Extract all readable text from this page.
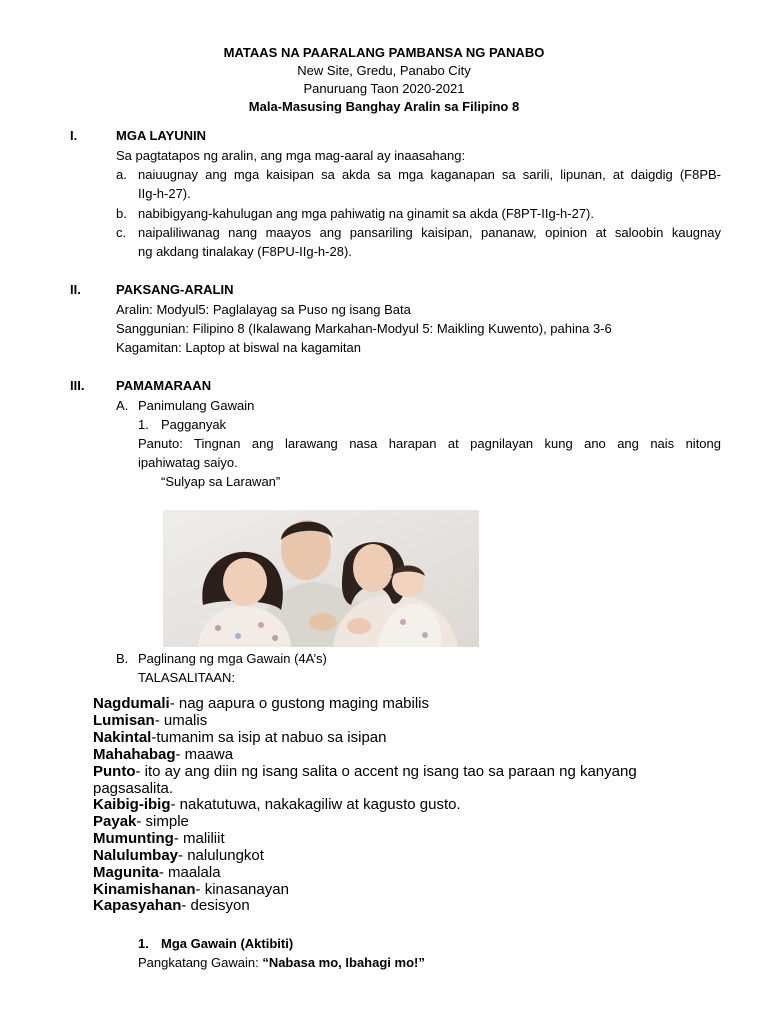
MATAAS NA PAARALANG PAMBANSA NG PANABO
New Site, Gredu, Panabo City
Panuruang Taon 2020-2021
Mala-Masusing Banghay Aralin sa Filipino 8
I.	MGA LAYUNIN
Sa pagtatapos ng aralin, ang mga mag-aaral ay inaasahang:
a. naiuugnay ang mga kaisipan sa akda sa mga kaganapan sa sarili, lipunan, at daigdig (F8PB-
IIg-h-27).
b. nabibigyang-kahulugan ang mga pahiwatig na ginamit sa akda (F8PT-IIg-h-27).
c. naipaliliwanag nang maayos ang pansariling kaisipan, pananaw, opinion at saloobin kaugnay
ng akdang tinalakay (F8PU-IIg-h-28).
II.	PAKSANG-ARALIN
Aralin: Modyul5: Paglalayag sa Puso ng isang Bata
Sanggunian: Filipino 8 (Ikalawang Markahan-Modyul 5: Maikling Kuwento), pahina 3-6
Kagamitan: Laptop at biswal na kagamitan
III. PAMAMARAAN
A. Panimulang Gawain
1. Pagganyak
Panuto: Tingnan ang larawang nasa harapan at pagnilayan kung ano ang nais nitong
ipahiwatag saiyo.
“Sulyap sa Larawan”
B. Paglinang ng mga Gawain (4A’s)
TALASALITAAN:
Nagdumali- nag aapura o gustong maging mabilis
Lumisan- umalis
Nakintal-tumanim sa isip at nabuo sa isipan
Mahahabag- maawa
Punto- ito ay ang diin ng isang salita o accent ng isang tao sa paraan ng kanyang
pagsasalita.
Kaibig-ibig- nakatutuwa, nakakagiliw at kagusto gusto.
Payak- simple
Mumunting- maliliit
Nalulumbay- nalulungkot
Magunita- maalala
Kinamishanan- kinasanayan
Kapasyahan- desisyon
1. Mga Gawain (Aktibiti)
Pangkatang Gawain: “Nabasa mo, Ibahagi mo!”
